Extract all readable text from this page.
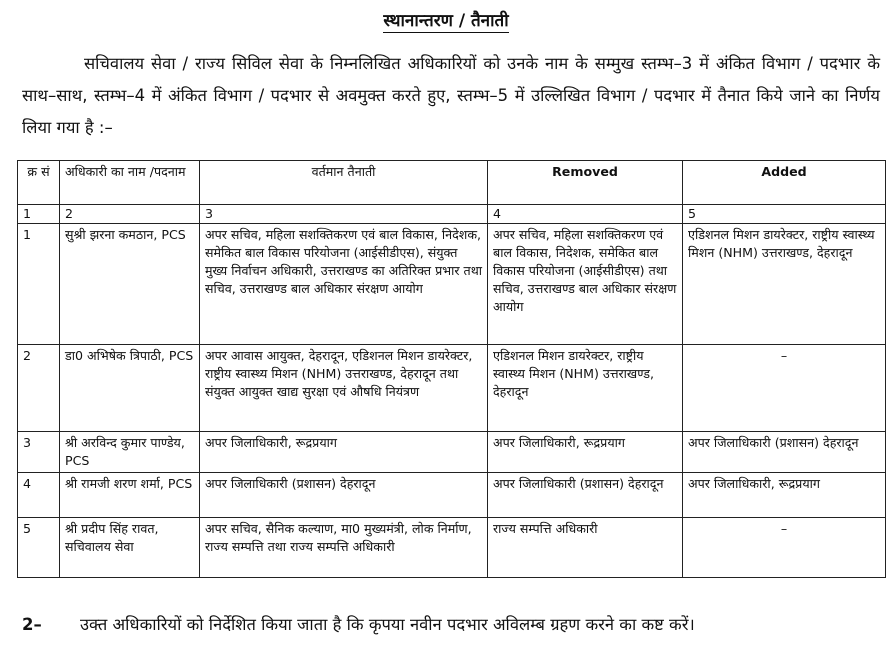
स्थानान्तरण / तैनाती
सचिवालय सेवा / राज्य सिविल सेवा के निम्नलिखित अधिकारियों को उनके नाम के सम्मुख स्तम्भ–3 में अंकित विभाग / पदभार के साथ–साथ, स्तम्भ–4 में अंकित विभाग / पदभार से अवमुक्त करते हुए, स्तम्भ–5 में उल्लिखित विभाग / पदभार में तैनात किये जाने का निर्णय लिया गया है :–
क्र सं	अधिकारी का नाम /पदनाम	वर्तमान तैनाती	Removed	Added
1	2	3	4	5
1	सुश्री झरना कमठान, PCS	अपर सचिव, महिला सशक्तिकरण एवं बाल विकास, निदेशक, समेकित बाल विकास परियोजना (आईसीडीएस), संयुक्त मुख्य निर्वाचन अधिकारी, उत्तराखण्ड का अतिरिक्त प्रभार तथा सचिव, उत्तराखण्ड बाल अधिकार संरक्षण आयोग	अपर सचिव, महिला सशक्तिकरण एवं बाल विकास, निदेशक, समेकित बाल विकास परियोजना (आईसीडीएस) तथा सचिव, उत्तराखण्ड बाल अधिकार संरक्षण आयोग	एडिशनल मिशन डायरेक्टर, राष्ट्रीय स्वास्थ्य मिशन (NHM) उत्तराखण्ड, देहरादून
2	डा0 अभिषेक त्रिपाठी, PCS	अपर आवास आयुक्त, देहरादून, एडिशनल मिशन डायरेक्टर, राष्ट्रीय स्वास्थ्य मिशन (NHM) उत्तराखण्ड, देहरादून तथा संयुक्त आयुक्त खाद्य सुरक्षा एवं औषधि नियंत्रण	एडिशनल मिशन डायरेक्टर, राष्ट्रीय स्वास्थ्य मिशन (NHM) उत्तराखण्ड, देहरादून	–
3	श्री अरविन्द कुमार पाण्डेय, PCS	अपर जिलाधिकारी, रूद्रप्रयाग	अपर जिलाधिकारी, रूद्रप्रयाग	अपर जिलाधिकारी (प्रशासन) देहरादून
4	श्री रामजी शरण शर्मा, PCS	अपर जिलाधिकारी (प्रशासन) देहरादून	अपर जिलाधिकारी (प्रशासन) देहरादून	अपर जिलाधिकारी, रूद्रप्रयाग
5	श्री प्रदीप सिंह रावत, सचिवालय सेवा	अपर सचिव, सैनिक कल्याण, मा0 मुख्यमंत्री, लोक निर्माण, राज्य सम्पत्ति तथा राज्य सम्पत्ति अधिकारी	राज्य सम्पत्ति अधिकारी	–
2– उक्त अधिकारियों को निर्देशित किया जाता है कि कृपया नवीन पदभार अविलम्ब ग्रहण करने का कष्ट करें।
